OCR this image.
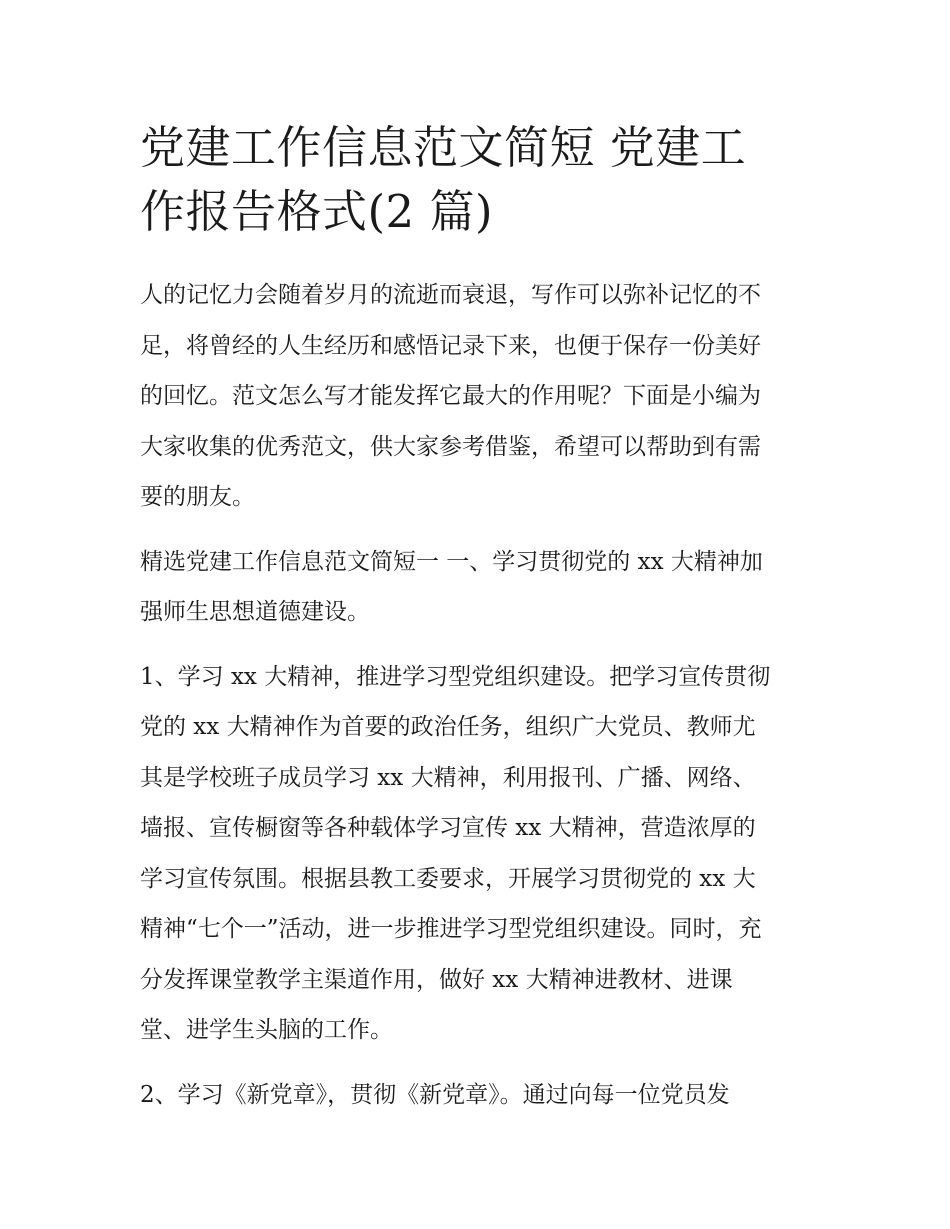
党建工作信息范文简短 党建工
作报告格式(2 篇)

人的记忆力会随着岁月的流逝而衰退，写作可以弥补记忆的不
足，将曾经的人生经历和感悟记录下来，也便于保存一份美好
的回忆。范文怎么写才能发挥它最大的作用呢？下面是小编为
大家收集的优秀范文，供大家参考借鉴，希望可以帮助到有需
要的朋友。

精选党建工作信息范文简短一 一、学习贯彻党的 xx 大精神加
强师生思想道德建设。

1、学习 xx 大精神，推进学习型党组织建设。把学习宣传贯彻
党的 xx 大精神作为首要的政治任务，组织广大党员、教师尤
其是学校班子成员学习 xx 大精神，利用报刊、广播、网络、
墙报、宣传橱窗等各种载体学习宣传 xx 大精神，营造浓厚的
学习宣传氛围。根据县教工委要求，开展学习贯彻党的 xx 大
精神“七个一”活动，进一步推进学习型党组织建设。同时，充
分发挥课堂教学主渠道作用，做好 xx 大精神进教材、进课
堂、进学生头脑的工作。

2、学习《新党章》，贯彻《新党章》。通过向每一位党员发
